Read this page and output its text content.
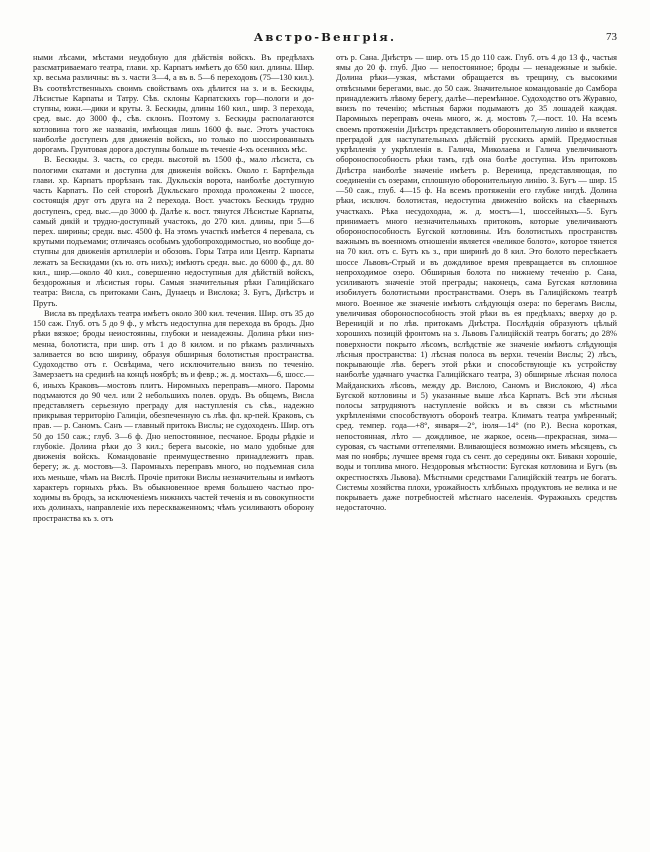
Австро-Венгрія.	73

ными лѣсами, мѣстами неудобную для дѣйствія войскъ. Въ предѣлахъ разсматриваемаго театра, глави. хр. Карпатъ имѣетъ до 650 кил. длины. Шир. хр. весьма различны: въ з. части 3—4, а въ в. 5—6 переходовъ (75—130 кил.). Въ соотвѣтственныхъ своимъ свойствамъ охъ дѣлится на з. и в. Бескиды, Лѣсистые Карпаты и Татру. Сѣв. склоны Карпатскихъ гор—пологи и доступны, южн.—дики и круты. З. Бескиды, длины 160 кил., шир. 3 перехода, сред. выс. до 3000 ф., сѣв. склонъ. Поэтому з. Бескиды располагаются котловина того же названія, имѣющая лишь 1600 ф. выс. Этотъ участокъ наиболѣе доступенъ для движенія войскъ, но только по шоссированныхъ дорогамъ. Грунтовая дорога доступны больше въ теченіе 4-хъ осеннихъ мѣс.

В. Бескиды. З. часть, со средн. высотой въ 1500 ф., мало лѣсиста, съ пологими скатами и доступна для движенія войскъ. Около г. Бартфельда глави. хр. Карпатъ прорѣзанъ так. Дукльскія ворота, наиболѣе доступную часть Карпатъ. По сей сторонѣ Дукльскаго прохода проложены 2 шоссе, состоящія друг отъ друга на 2 перехода. Вост. участокъ Бескидъ трудно доступенъ, сред. выс.—до 3000 ф. Далѣе к. вост. тянутся Лѣсистые Карпаты, самый дикій и трудно-доступный участокъ, до 270 кил. длины, при 5—6 перех. ширины; средн. выс. 4500 ф. На этомъ участкѣ имѣется 4 перевала, съ крутыми подъемами; отличаясь особымъ удобопроходимостью, но вообще доступны для движенія артиллеріи и обозовъ. Горы Татра или Центр. Карпаты лежатъ за Бескидами (къ ю. отъ нихъ); имѣютъ средн. выс. до 6000 ф., дл. 80 кил., шир.—около 40 кил., совершенно недоступныя для дѣйствій войскъ, бездорожныя и лѣсистыя горы. Самыя значительныя рѣки Галиційскаго театра: Висла, съ притоками Санъ, Дунаецъ и Вислока; З. Бугъ, Днѣстръ и Прутъ.

Висла въ предѣлахъ театра имѣетъ около 300 кил. течения. Шир. отъ 35 до 150 саж. Глуб. отъ 5 до 9 ф., у мѣстъ недоступна для перехода въ бродъ. Дно рѣки вязкое; броды неиостоянны, глубоки и неиадежны. Долина рѣки низменна, болотиста, при шир. отъ 1 до 8 килом. и по рѣкамъ различныхъ заливается во всю ширину, образуя обширныя болотистыя пространства. Судоходство отъ г. Освѣцима, чего исключительно внизъ по теченію. Замерзаетъ на срединѣ на концѣ ноябрѣ; въ и февр.; ж. д. мостахъ—6, шосс.—6, иныхъ Краковъ—мостовъ плитъ. Ниромныхъ переправъ—много. Паромы подъмаются до 90 чел. или 2 небольшихъ полев. орудъ. Въ общемъ, Висла представляетъ серьезную преграду для наступленія съ сѣв., надежно прикрывая территорію Галиціи, обезпеченную съ лѣв. фл. кр-пей. Краковъ, съ прав. — р. Саномъ. Санъ — главный притокъ Вислы; не судоходенъ. Шир. отъ 50 до 150 саж.; глуб. 3—6 ф. Дно непостоянное, песчаное. Броды рѣдкіе и глубокіе. Долина рѣки до 3 кил.; берега высокіе, но мало удобные для движенія войскъ. Командованіе преимущественно принадлежитъ прав. берегу; ж. д. мостовъ—3. Паромныхъ переправъ много, но подъемная сила ихъ меньше, чѣмъ на Вислѣ. Прочіе притоки Вислы незначительны и имѣютъ характеръ горныхъ рѣкъ. Въ обыкновенное время большею частью проходимы въ бродъ, за исключеніемъ нижнихъ частей теченія и въ совокупности ихъ долинахъ, направленіе ихъ перескваженномъ; чѣмъ усиливаютъ оборону пространства къ з. отъ

отъ р. Сана. Днѣстръ — шир. отъ 15 до 110 саж. Глуб. отъ 4 до 13 ф., частыя ямы до 20 ф. глуб. Дно — непостоянное; броды — ненадежные и зыбкіе. Долина рѣки—узкая, мѣстами обращается въ трещину, съ высокими отвѣсными берегами, выс. до 50 саж. Значительное командованіе до Самбора принадлежитъ лѣвому берегу, далѣе—перемѣнное. Судоходство отъ Журавно, внизъ по теченію; мѣстныя баржи подымаютъ до 35 лошадей каждая. Паромныхъ переправъ очень много, ж. д. мостовъ 7,—пост. 10. На всемъ своемъ протяженіи Днѣстръ представляетъ оборонительную линію и является преградой для наступательныхъ дѣйствій русскихъ армій. Предмостныя укрѣпленія у укрѣпленія в. Галича, Миколаева и Галича увеличиваютъ обороноспособность рѣки тамъ, гдѣ она болѣе доступна. Изъ притоковъ Днѣстра наиболѣе значеніе имѣетъ р. Вереница, представляющая, по соединеніи съ озерами, сплошную оборонительную линію. З. Бугъ — шир. 15—50 саж., глуб. 4—15 ф. На всемъ протяженіи его глубже нигдѣ. Долина рѣки, исключ. болотистая, недоступна движенію войскъ на сѣверныхъ участкахъ. Рѣка несудоходна, ж. д. мостъ—1, шоссейныхъ—5. Бугъ принимаетъ много незначительныхъ притоковъ, которые увеличиваютъ обороноспособность Бугской котловины. Изъ болотистыхъ пространствъ важнымъ въ военномъ отношеніи является «великое болото», которое тянется на 70 кил. отъ с. Бутъ къ з., при ширинѣ до 8 кил. Это болото пересѣкаетъ шоссе Львовъ-Стрый и въ дождливое время превращается въ сплошное непроходимое озеро. Обширныя болота по нижнему теченію р. Сана, усиливаютъ значеніе этой преграды; наконецъ, сама Бугская котловина изобилуетъ болотистыми пространствами. Озеръ въ Галиційскомъ театрѣ много. Военное же значеніе имѣютъ слѣдующія озера: по берегамъ Вислы, увеличивая обороноспособность этой рѣки въ ея предѣлахъ; вверху до р. Вереницій и по лѣв. притокамъ Днѣстра. Послѣднія образуютъ цѣлый хорошихъ позицій фронтомъ на з. Львовъ Галиційскій театръ богатъ; до 28% поверхности покрыто лѣсомъ, вслѣдствіе же значеніе имѣютъ слѣдующія лѣсныя пространства: 1) лѣсная полоса въ верхн. теченіи Вислы; 2) лѣсъ, покрывающіе лѣв. берегъ этой рѣки и способствующіе къ устройству наиболѣе удачнаго участка Галиційскаго театра, 3) обширные лѣсная полоса Майданскихъ лѣсовъ, между др. Вислою, Саномъ и Вислокою, 4) лѣса Бугской котловины и 5) указанные выше лѣса Карпатъ. Всѣ эти лѣсныя полосы затрудняютъ наступленіе войскъ и въ связи съ мѣстными укрѣпленіями способствуютъ оборонѣ театра. Климатъ театра умѣренный; сред. темпер. года—+8°, января—2°, іюля—14° (по Р.). Весна короткая, непостоянная, лѣто — дождливое, не жаркое, осень—прекрасная, зима—суровая, съ частыми оттепелями. Вливающіеся возможно иметь мѣсяцевъ, съ мая по ноябрь; лучшее время года съ сент. до середины окт. Бивакн хорошіе, воды и топлива много. Нездоровыя мѣстности: Бугская котловина и Бугъ (въ окрестностяхъ Львова). Мѣстными средствами Галиційскій театръ не богатъ. Системы хозяйства плохи, урожайность хлѣбныхъ продуктовъ не велика и не покрываетъ даже потребностей мѣстнаго населенія. Фуражныхъ средствъ недостаточно.
